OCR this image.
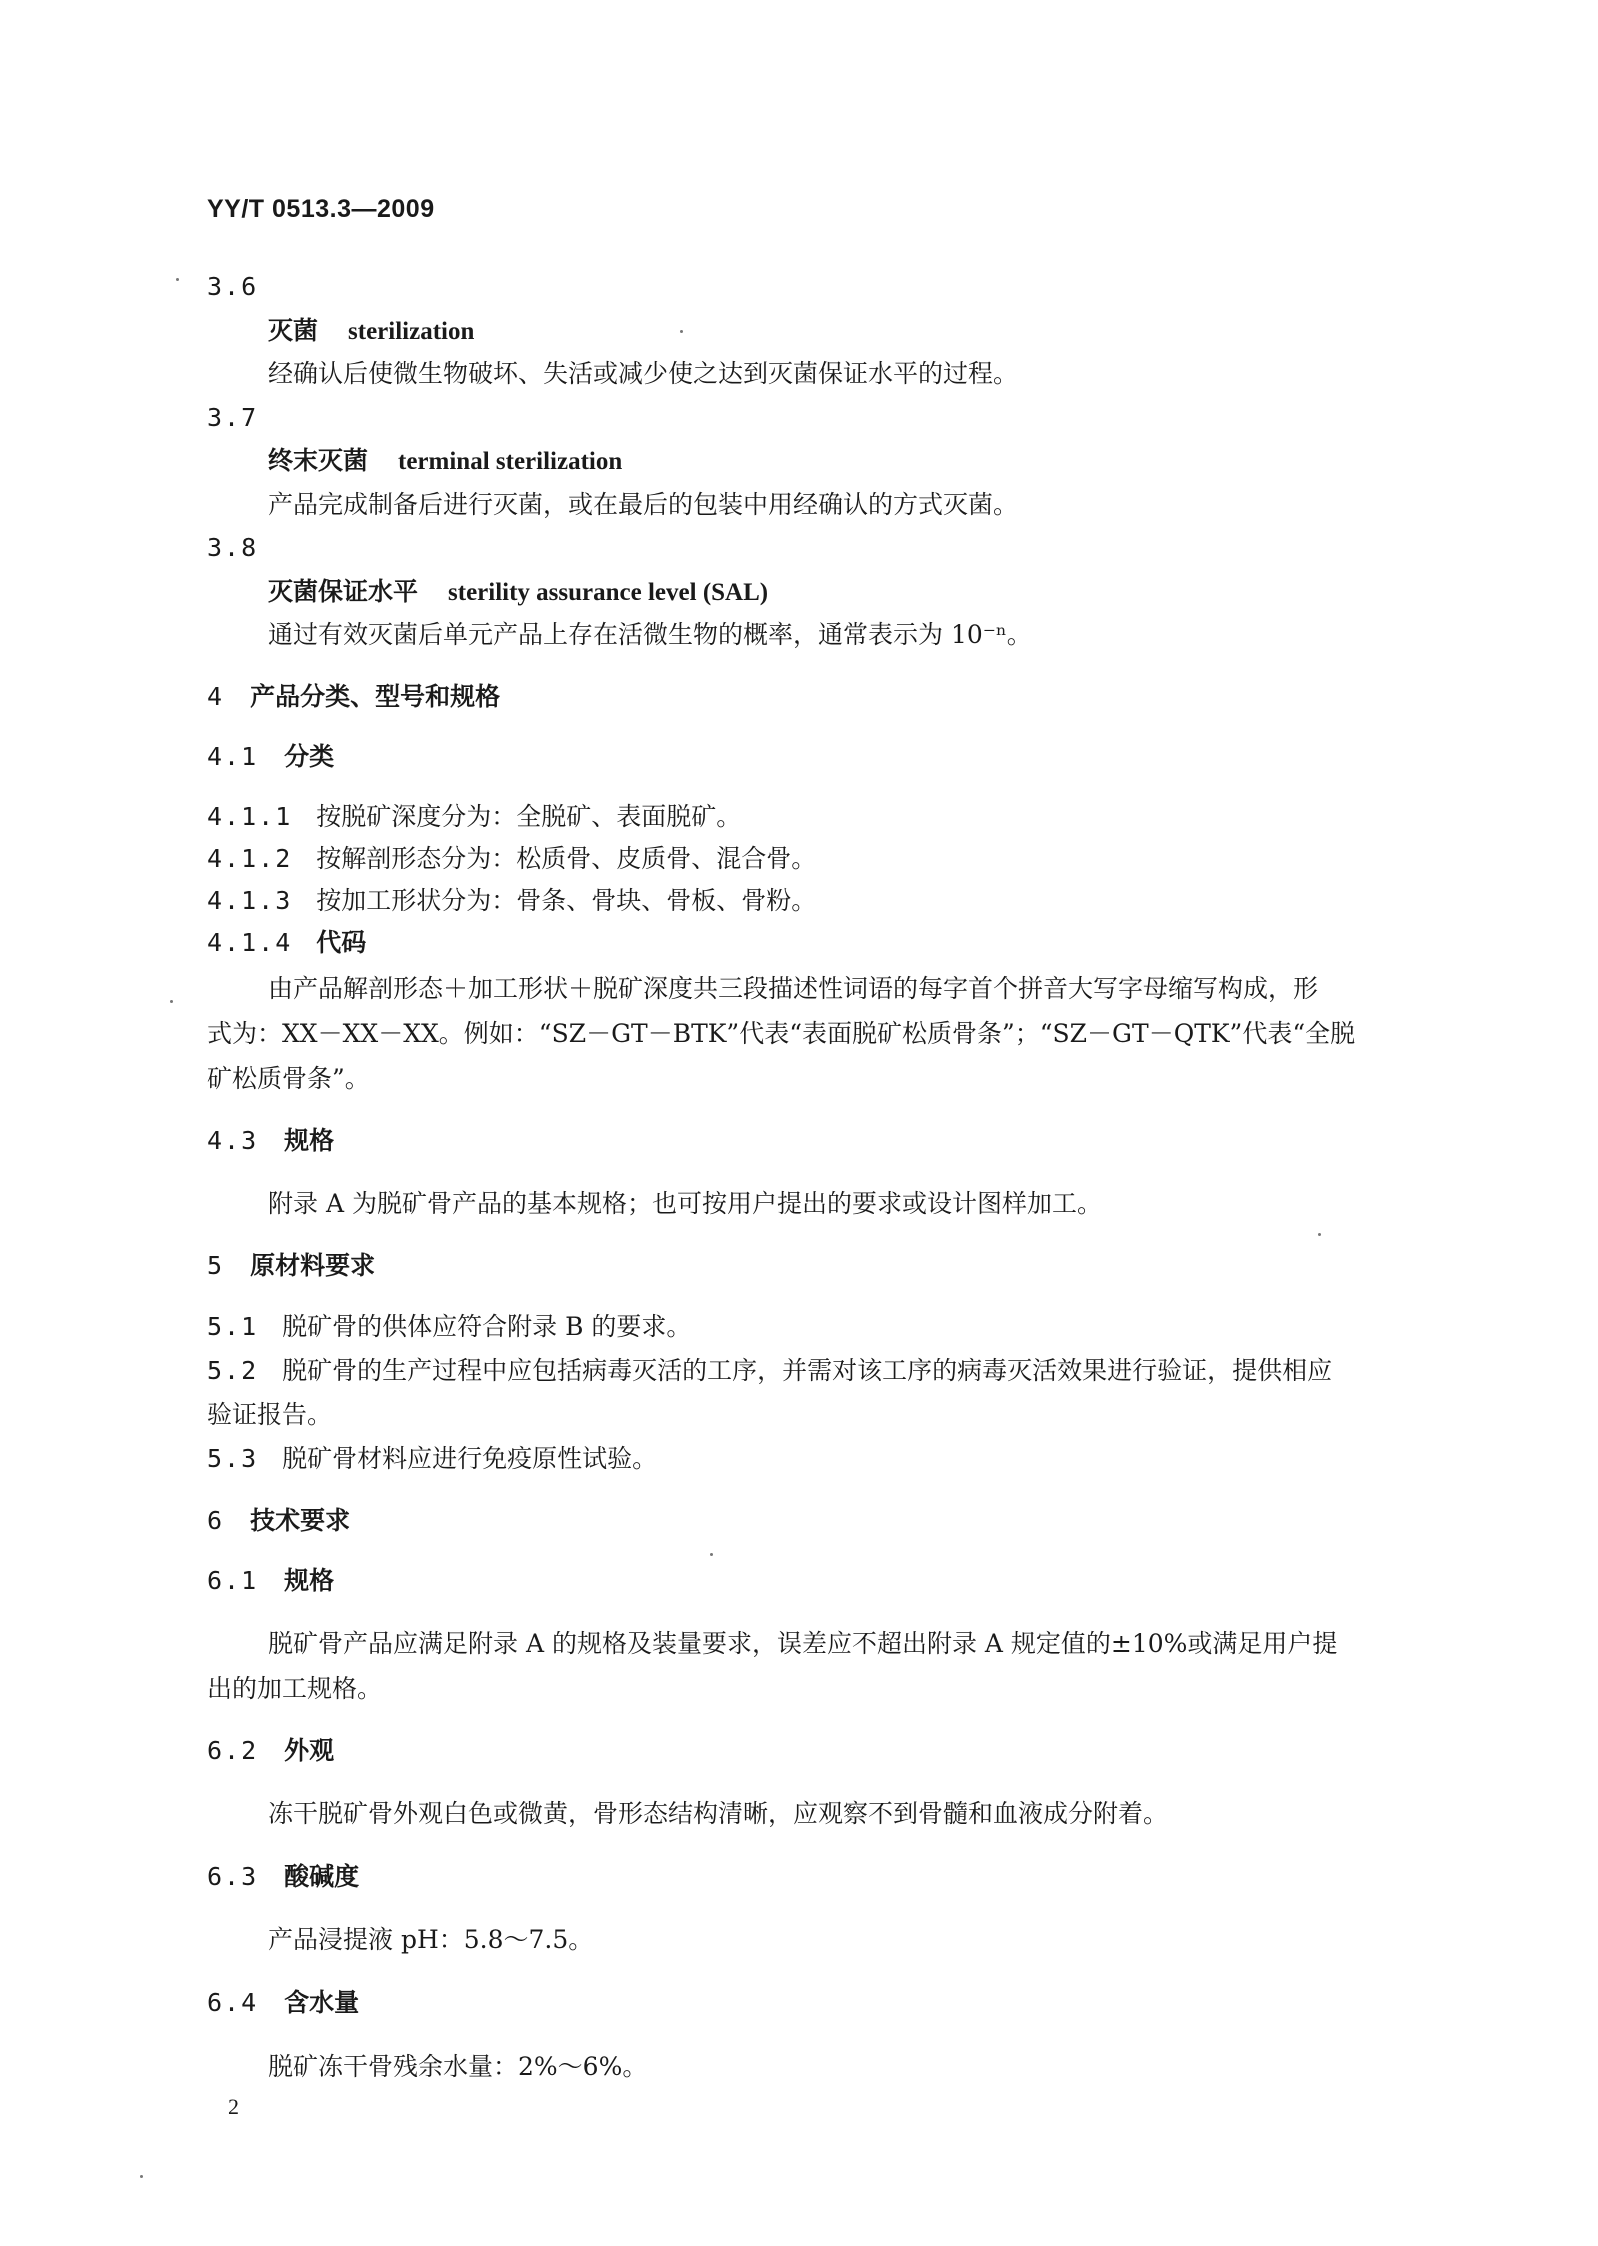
YY/T 0513.3—2009
3.6
灭菌 sterilization
经确认后使微生物破坏、失活或减少使之达到灭菌保证水平的过程。
3.7
终末灭菌 terminal sterilization
产品完成制备后进行灭菌，或在最后的包装中用经确认的方式灭菌。
3.8
灭菌保证水平 sterility assurance level (SAL)
通过有效灭菌后单元产品上存在活微生物的概率，通常表示为 10⁻ⁿ。
4 产品分类、型号和规格
4.1 分类
4.1.1 按脱矿深度分为：全脱矿、表面脱矿。
4.1.2 按解剖形态分为：松质骨、皮质骨、混合骨。
4.1.3 按加工形状分为：骨条、骨块、骨板、骨粉。
4.1.4 代码
由产品解剖形态＋加工形状＋脱矿深度共三段描述性词语的每字首个拼音大写字母缩写构成，形
式为：XX－XX－XX。例如：“SZ－GT－BTK”代表“表面脱矿松质骨条”；“SZ－GT－QTK”代表“全脱
矿松质骨条”。
4.3 规格
附录 A 为脱矿骨产品的基本规格；也可按用户提出的要求或设计图样加工。
5 原材料要求
5.1 脱矿骨的供体应符合附录 B 的要求。
5.2 脱矿骨的生产过程中应包括病毒灭活的工序，并需对该工序的病毒灭活效果进行验证，提供相应
验证报告。
5.3 脱矿骨材料应进行免疫原性试验。
6 技术要求
6.1 规格
脱矿骨产品应满足附录 A 的规格及装量要求，误差应不超出附录 A 规定值的±10%或满足用户提
出的加工规格。
6.2 外观
冻干脱矿骨外观白色或微黄，骨形态结构清晰，应观察不到骨髓和血液成分附着。
6.3 酸碱度
产品浸提液 pH：5.8～7.5。
6.4 含水量
脱矿冻干骨残余水量：2%～6%。
2
